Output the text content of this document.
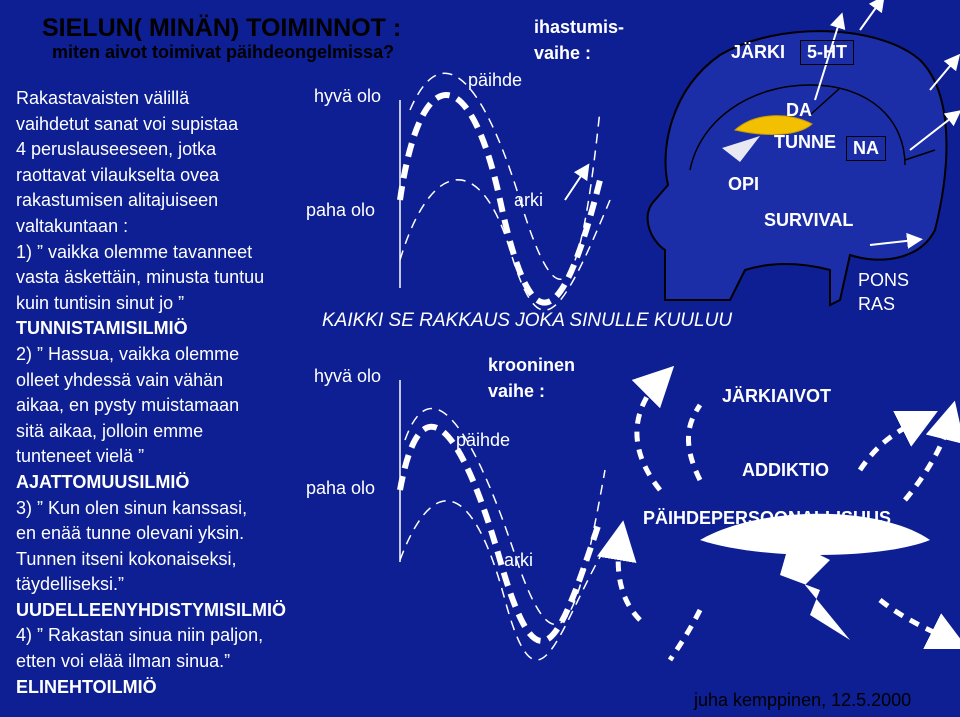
SIELUN( MINÄN) TOIMINNOT :
miten aivot toimivat päihdeongelmissa?
Rakastavaisten välillä
vaihdetut sanat voi supistaa
4 peruslauseeseen, jotka
raottavat vilaukselta ovea
rakastumisen alitajuiseen
valtakuntaan :
1) ” vaikka olemme tavanneet
vasta äskettäin, minusta tuntuu
kuin tuntisin sinut jo ”
TUNNISTAMISILMIÖ
2) ” Hassua, vaikka olemme
olleet yhdessä vain vähän
aikaa, en pysty muistamaan
sitä aikaa, jolloin emme
tunteneet vielä ”
AJATTOMUUSILMIÖ
3) ” Kun olen sinun kanssasi,
en enää tunne olevani yksin.
Tunnen itseni kokonaiseksi,
täydelliseksi.”
UUDELLEENYHDISTYMISILMIÖ
4) ” Rakastan sinua niin paljon,
etten voi elää ilman sinua.”
ELINEHTOILMIÖ
ihastumis-
vaihe :
hyvä olo
paha olo
päihde
arki
KAIKKI SE RAKKAUS JOKA SINULLE KUULUU
krooninen
vaihe :
hyvä olo
paha olo
päihde
arki
JÄRKI	5-HT
DA
TUNNE NA
OPI
SURVIVAL
PONS
RAS
JÄRKIAIVOT
ADDIKTIO
PÄIHDEPERSOONALLISUUS
juha kemppinen, 12.5.2000
